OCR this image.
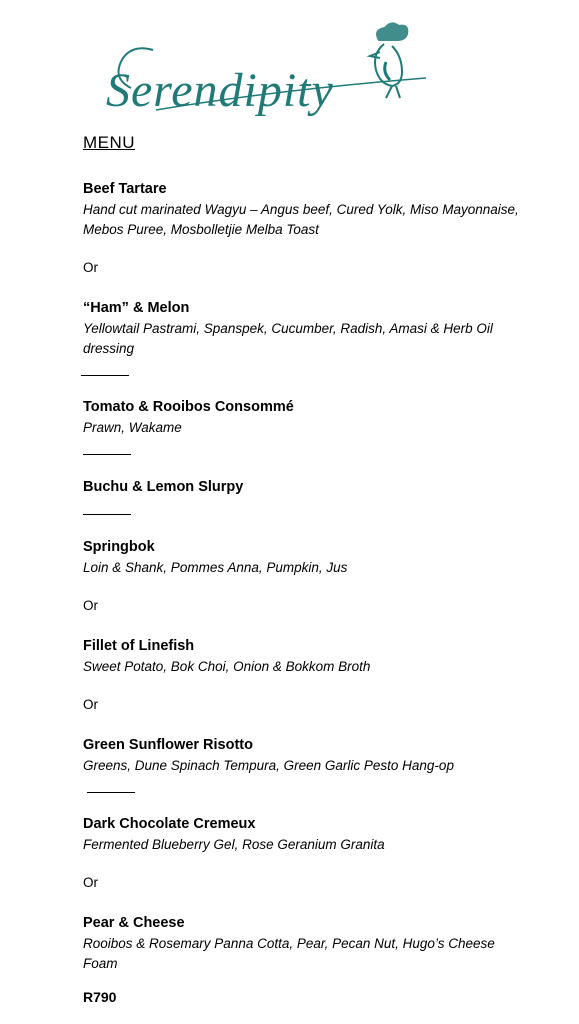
Serendipity
MENU
Beef Tartare
Hand cut marinated Wagyu – Angus beef, Cured Yolk, Miso Mayonnaise, Mebos Puree, Mosbolletjie Melba Toast
Or
“Ham” & Melon
Yellowtail Pastrami, Spanspek, Cucumber, Radish, Amasi & Herb Oil dressing
Tomato & Rooibos Consommé
Prawn, Wakame
Buchu & Lemon Slurpy
Springbok
Loin & Shank, Pommes Anna, Pumpkin, Jus
Or
Fillet of Linefish
Sweet Potato, Bok Choi, Onion & Bokkom Broth
Or
Green Sunflower Risotto
Greens, Dune Spinach Tempura, Green Garlic Pesto Hang-op
Dark Chocolate Cremeux
Fermented Blueberry Gel, Rose Geranium Granita
Or
Pear & Cheese
Rooibos & Rosemary Panna Cotta, Pear, Pecan Nut, Hugo’s Cheese Foam
R790
